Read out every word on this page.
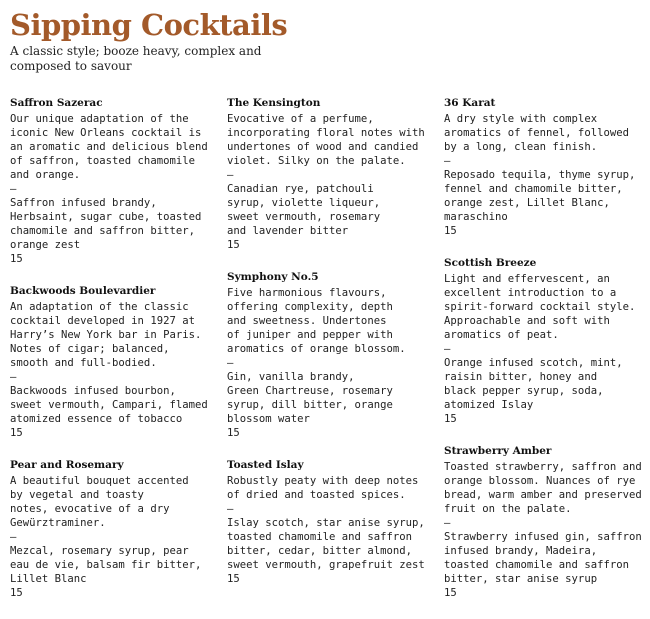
Sipping Cocktails

A classic style; booze heavy, complex and composed to savour

Saffron Sazerac

Our unique adaptation of the
iconic New Orleans cocktail is
an aromatic and delicious blend
of saffron, toasted chamomile
and orange.

—

Saffron infused brandy,
Herbsaint, sugar cube, toasted
chamomile and saffron bitter,
orange zest

15

Backwoods Boulevardier

An adaptation of the classic
cocktail developed in 1927 at
Harry’s New York bar in Paris.
Notes of cigar; balanced,
smooth and full-bodied.

—

Backwoods infused bourbon,
sweet vermouth, Campari, flamed
atomized essence of tobacco

15

Pear and Rosemary

A beautiful bouquet accented
by vegetal and toasty
notes, evocative of a dry
Gewürztraminer.

—

Mezcal, rosemary syrup, pear
eau de vie, balsam fir bitter,
Lillet Blanc

15

The Kensington

Evocative of a perfume,
incorporating floral notes with
undertones of wood and candied
violet. Silky on the palate.

—

Canadian rye, patchouli
syrup, violette liqueur,
sweet vermouth, rosemary
and lavender bitter

15

Symphony No.5

Five harmonious flavours,
offering complexity, depth
and sweetness. Undertones
of juniper and pepper with
aromatics of orange blossom.

—

Gin, vanilla brandy,
Green Chartreuse, rosemary
syrup, dill bitter, orange
blossom water

15

Toasted Islay

Robustly peaty with deep notes
of dried and toasted spices.

—

Islay scotch, star anise syrup,
toasted chamomile and saffron
bitter, cedar, bitter almond,
sweet vermouth, grapefruit zest

15

36 Karat

A dry style with complex
aromatics of fennel, followed
by a long, clean finish.

—

Reposado tequila, thyme syrup,
fennel and chamomile bitter,
orange zest, Lillet Blanc,
maraschino

15

Scottish Breeze

Light and effervescent, an
excellent introduction to a
spirit-forward cocktail style.
Approachable and soft with
aromatics of peat.

—

Orange infused scotch, mint,
raisin bitter, honey and
black pepper syrup, soda,
atomized Islay

15

Strawberry Amber

Toasted strawberry, saffron and
orange blossom. Nuances of rye
bread, warm amber and preserved
fruit on the palate.

—

Strawberry infused gin, saffron
infused brandy, Madeira,
toasted chamomile and saffron
bitter, star anise syrup

15
